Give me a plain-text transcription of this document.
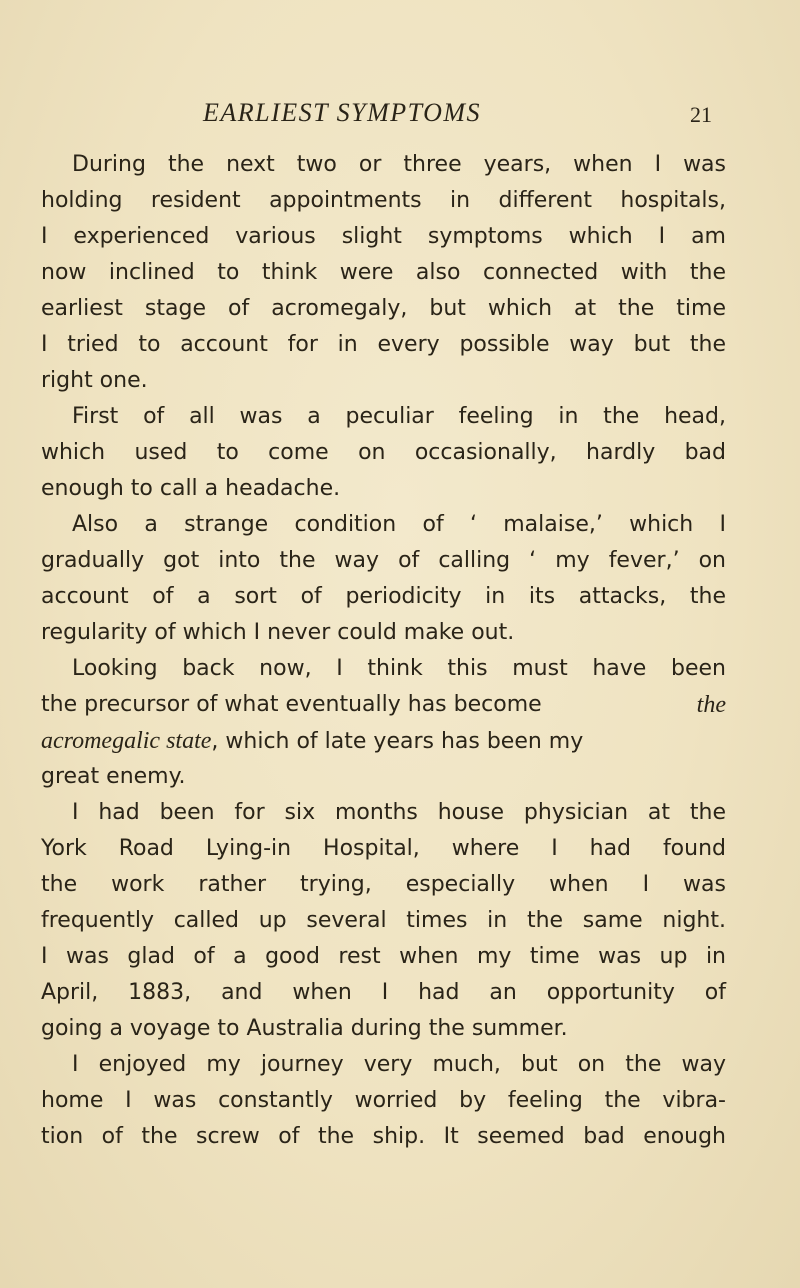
EARLIEST SYMPTOMS	21
During the next two or three years, when I was
holding resident appointments in different hospitals,
I experienced various slight symptoms which I am
now inclined to think were also connected with the
earliest stage of acromegaly, but which at the time
I tried to account for in every possible way but the
right one.
First of all was a peculiar feeling in the head,
which used to come on occasionally, hardly bad
enough to call a headache.
Also a strange condition of ‘ malaise,’ which I
gradually got into the way of calling ‘ my fever,’ on
account of a sort of periodicity in its attacks, the
regularity of which I never could make out.
Looking back now, I think this must have been
the precursor of what eventually has become	the
acromegalic state, which of late years has been my
great enemy.
I had been for six months house physician at the
York Road Lying-in Hospital, where I had found
the work rather trying, especially when I was
frequently called up several times in the same night.
I was glad of a good rest when my time was up in
April, 1883, and when I had an opportunity of
going a voyage to Australia during the summer.
I enjoyed my journey very much, but on the way
home I was constantly worried by feeling the vibra-
tion of the screw of the ship. It seemed bad enough
